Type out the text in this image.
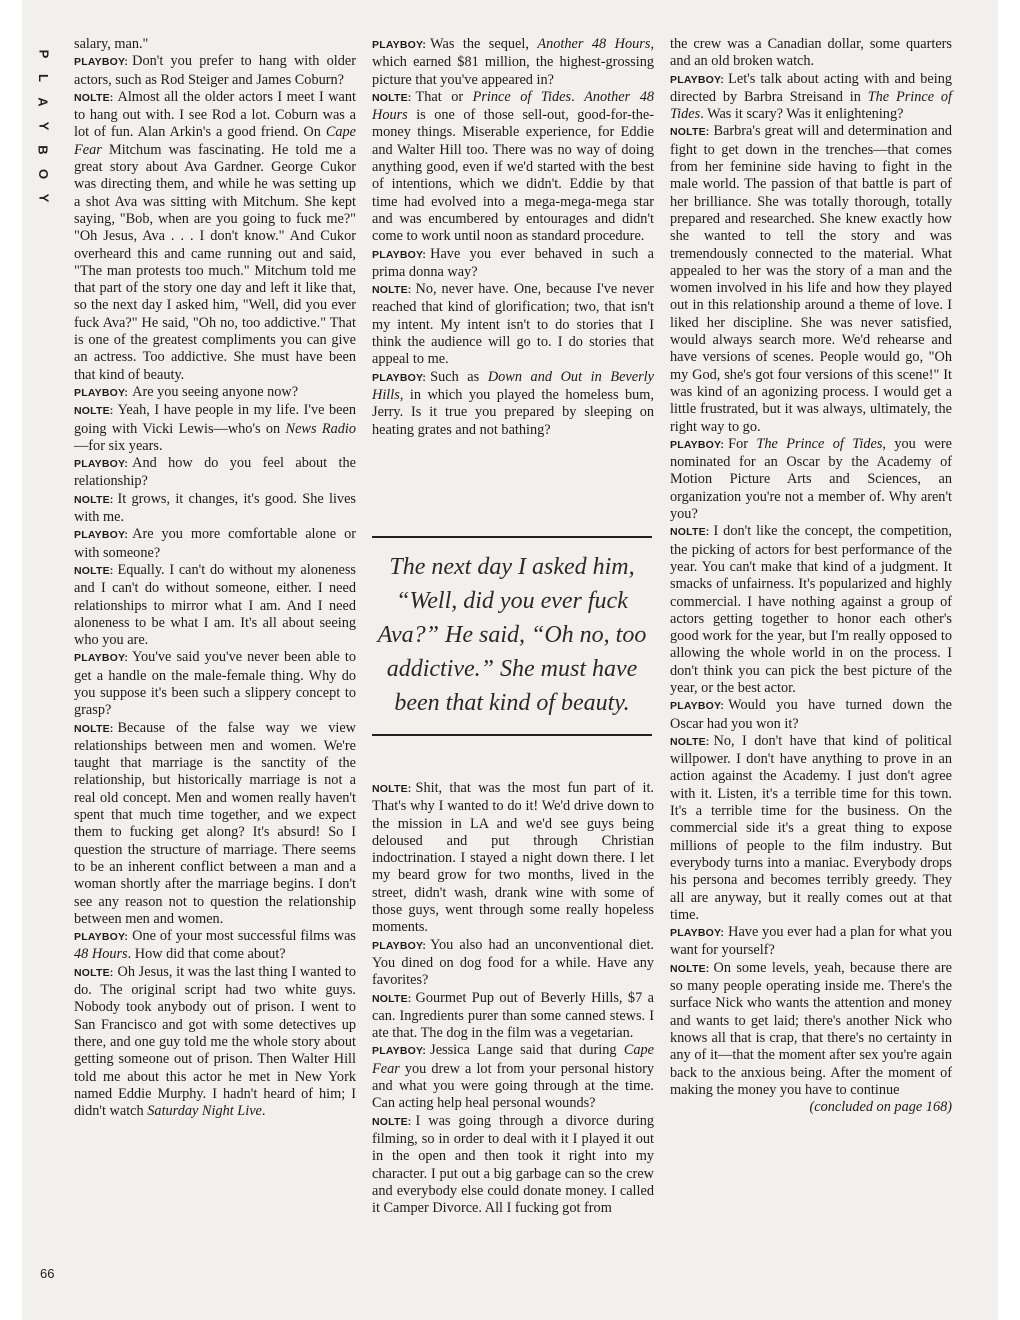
P
L
A
Y
B
O
Y
66

salary, man."

PLAYBOY: Don't you prefer to hang with older actors, such as Rod Steiger and James Coburn?

NOLTE: Almost all the older actors I meet I want to hang out with. I see Rod a lot. Coburn was a lot of fun. Alan Arkin's a good friend. On Cape Fear Mitchum was fascinating. He told me a great story about Ava Gardner. George Cukor was directing them, and while he was setting up a shot Ava was sitting with Mitchum. She kept saying, "Bob, when are you going to fuck me?" "Oh Jesus, Ava . . . I don't know." And Cukor overheard this and came running out and said, "The man protests too much." Mitchum told me that part of the story one day and left it like that, so the next day I asked him, "Well, did you ever fuck Ava?" He said, "Oh no, too addictive." That is one of the greatest compliments you can give an actress. Too addictive. She must have been that kind of beauty.

PLAYBOY: Are you seeing anyone now?

NOLTE: Yeah, I have people in my life. I've been going with Vicki Lewis—who's on News Radio—for six years.

PLAYBOY: And how do you feel about the relationship?

NOLTE: It grows, it changes, it's good. She lives with me.

PLAYBOY: Are you more comfortable alone or with someone?

NOLTE: Equally. I can't do without my aloneness and I can't do without someone, either. I need relationships to mirror what I am. And I need aloneness to be what I am. It's all about seeing who you are.

PLAYBOY: You've said you've never been able to get a handle on the male-female thing. Why do you suppose it's been such a slippery concept to grasp?

NOLTE: Because of the false way we view relationships between men and women. We're taught that marriage is the sanctity of the relationship, but historically marriage is not a real old concept. Men and women really haven't spent that much time together, and we expect them to fucking get along? It's absurd! So I question the structure of marriage. There seems to be an inherent conflict between a man and a woman shortly after the marriage begins. I don't see any reason not to question the relationship between men and women.

PLAYBOY: One of your most successful films was 48 Hours. How did that come about?

NOLTE: Oh Jesus, it was the last thing I wanted to do. The original script had two white guys. Nobody took anybody out of prison. I went to San Francisco and got with some detectives up there, and one guy told me the whole story about getting someone out of prison. Then Walter Hill told me about this actor he met in New York named Eddie Murphy. I hadn't heard of him; I didn't watch Saturday Night Live.

PLAYBOY: Was the sequel, Another 48 Hours, which earned $81 million, the highest-grossing picture that you've appeared in?

NOLTE: That or Prince of Tides. Another 48 Hours is one of those sell-out, good-for-the-money things. Miserable experience, for Eddie and Walter Hill too. There was no way of doing anything good, even if we'd started with the best of intentions, which we didn't. Eddie by that time had evolved into a mega-mega-mega star and was encumbered by entourages and didn't come to work until noon as standard procedure.

PLAYBOY: Have you ever behaved in such a prima donna way?

NOLTE: No, never have. One, because I've never reached that kind of glorification; two, that isn't my intent. My intent isn't to do stories that I think the audience will go to. I do stories that appeal to me.

PLAYBOY: Such as Down and Out in Beverly Hills, in which you played the homeless bum, Jerry. Is it true you prepared by sleeping on heating grates and not bathing?

The next day I asked him, “Well, did you ever fuck Ava?” He said, “Oh no, too addictive.” She must have been that kind of beauty.

NOLTE: Shit, that was the most fun part of it. That's why I wanted to do it! We'd drive down to the mission in LA and we'd see guys being deloused and put through Christian indoctrination. I stayed a night down there. I let my beard grow for two months, lived in the street, didn't wash, drank wine with some of those guys, went through some really hopeless moments.

PLAYBOY: You also had an unconventional diet. You dined on dog food for a while. Have any favorites?

NOLTE: Gourmet Pup out of Beverly Hills, $7 a can. Ingredients purer than some canned stews. I ate that. The dog in the film was a vegetarian.

PLAYBOY: Jessica Lange said that during Cape Fear you drew a lot from your personal history and what you were going through at the time. Can acting help heal personal wounds?

NOLTE: I was going through a divorce during filming, so in order to deal with it I played it out in the open and then took it right into my character. I put out a big garbage can so the crew and everybody else could donate money. I called it Camper Divorce. All I fucking got from

the crew was a Canadian dollar, some quarters and an old broken watch.

PLAYBOY: Let's talk about acting with and being directed by Barbra Streisand in The Prince of Tides. Was it scary? Was it enlightening?

NOLTE: Barbra's great will and determination and fight to get down in the trenches—that comes from her feminine side having to fight in the male world. The passion of that battle is part of her brilliance. She was totally thorough, totally prepared and researched. She knew exactly how she wanted to tell the story and was tremendously connected to the material. What appealed to her was the story of a man and the women involved in his life and how they played out in this relationship around a theme of love. I liked her discipline. She was never satisfied, would always search more. We'd rehearse and have versions of scenes. People would go, "Oh my God, she's got four versions of this scene!" It was kind of an agonizing process. I would get a little frustrated, but it was always, ultimately, the right way to go.

PLAYBOY: For The Prince of Tides, you were nominated for an Oscar by the Academy of Motion Picture Arts and Sciences, an organization you're not a member of. Why aren't you?

NOLTE: I don't like the concept, the competition, the picking of actors for best performance of the year. You can't make that kind of a judgment. It smacks of unfairness. It's popularized and highly commercial. I have nothing against a group of actors getting together to honor each other's good work for the year, but I'm really opposed to allowing the whole world in on the process. I don't think you can pick the best picture of the year, or the best actor.

PLAYBOY: Would you have turned down the Oscar had you won it?

NOLTE: No, I don't have that kind of political willpower. I don't have anything to prove in an action against the Academy. I just don't agree with it. Listen, it's a terrible time for this town. It's a terrible time for the business. On the commercial side it's a great thing to expose millions of people to the film industry. But everybody turns into a maniac. Everybody drops his persona and becomes terribly greedy. They all are anyway, but it really comes out at that time.

PLAYBOY: Have you ever had a plan for what you want for yourself?

NOLTE: On some levels, yeah, because there are so many people operating inside me. There's the surface Nick who wants the attention and money and wants to get laid; there's another Nick who knows all that is crap, that there's no certainty in any of it—that the moment after sex you're again back to the anxious being. After the moment of making the money you have to continue

(concluded on page 168)
